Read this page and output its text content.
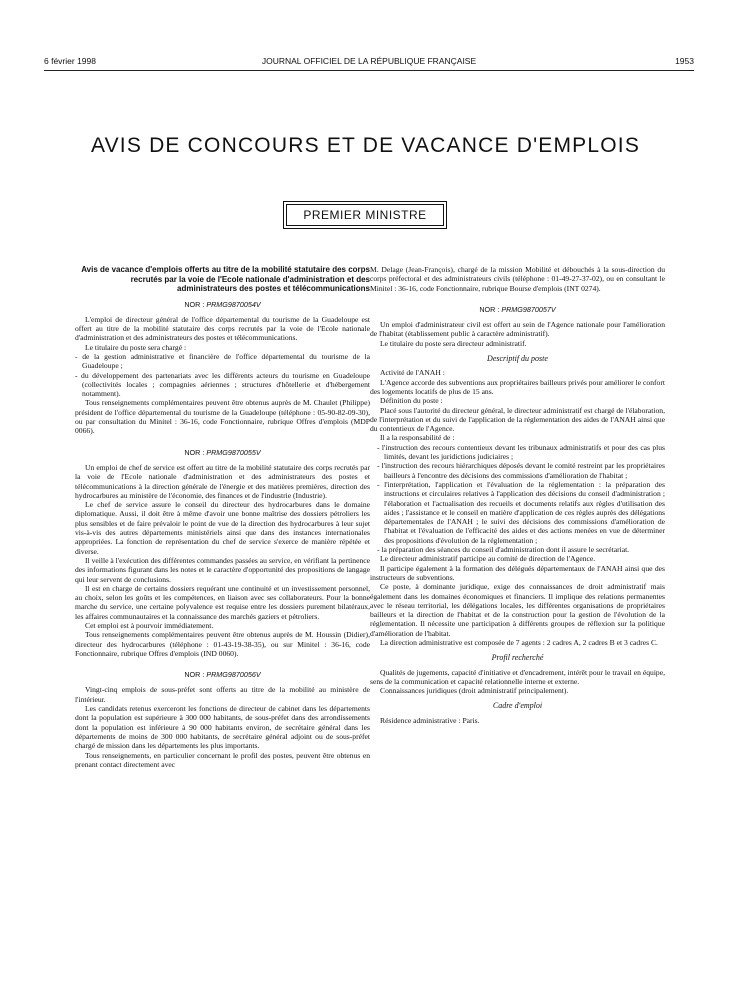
6 février 1998	JOURNAL OFFICIEL DE LA RÉPUBLIQUE FRANÇAISE	1953
AVIS DE CONCOURS ET DE VACANCE D'EMPLOIS
PREMIER MINISTRE
Avis de vacance d'emplois offerts au titre de la mobilité statutaire des corps recrutés par la voie de l'Ecole nationale d'administration et des administrateurs des postes et télécommunications
NOR : PRMG9870054V

L'emploi de directeur général de l'office départemental du tourisme de la Guadeloupe est offert au titre de la mobilité statutaire des corps recrutés par la voie de l'Ecole nationale d'administration et des administrateurs des postes et télécommunications.

Le titulaire du poste sera chargé :

- de la gestion administrative et financière de l'office départemental du tourisme de la Guadeloupe ;

- du développement des partenariats avec les différents acteurs du tourisme en Guadeloupe (collectivités locales ; compagnies aériennes ; structures d'hôtellerie et d'hébergement notamment).

Tous renseignements complémentaires peuvent être obtenus auprès de M. Chaulet (Philippe) président de l'office départemental du tourisme de la Guadeloupe (téléphone : 05-90-82-09-30), ou par consultation du Minitel : 36-16, code Fonctionnaire, rubrique Offres d'emplois (MDP 0066).

NOR : PRMG9870055V

Un emploi de chef de service est offert au titre de la mobilité statutaire des corps recrutés par la voie de l'Ecole nationale d'administration et des administrateurs des postes et télécommunications à la direction générale de l'énergie et des matières premières, direction des hydrocarbures au ministère de l'économie, des finances et de l'industrie (Industrie).

Le chef de service assure le conseil du directeur des hydrocarbures dans le domaine diplomatique. Aussi, il doit être à même d'avoir une bonne maîtrise des dossiers pétroliers les plus sensibles et de faire prévaloir le point de vue de la direction des hydrocarbures à leur sujet vis-à-vis des autres départements ministériels ainsi que dans des instances internationales appropriées. La fonction de représentation du chef de service s'exerce de manière répétée et diverse.

Il veille à l'exécution des différentes commandes passées au service, en vérifiant la pertinence des informations figurant dans les notes et le caractère d'opportunité des propositions de langage qui leur servent de conclusions.

Il est en charge de certains dossiers requérant une continuité et un investissement personnel, au choix, selon les goûts et les compétences, en liaison avec ses collaborateurs. Pour la bonne marche du service, une certaine polyvalence est requise entre les dossiers purement bilatéraux, les affaires communautaires et la connaissance des marchés gaziers et pétroliers.

Cet emploi est à pourvoir immédiatement.

Tous renseignements complémentaires peuvent être obtenus auprès de M. Houssin (Didier), directeur des hydrocarbures (téléphone : 01-43-19-38-35), ou sur Minitel : 36-16, code Fonctionnaire, rubrique Offres d'emplois (IND 0060).

NOR : PRMG9870056V

Vingt-cinq emplois de sous-préfet sont offerts au titre de la mobilité au ministère de l'intérieur.

Les candidats retenus exerceront les fonctions de directeur de cabinet dans les départements dont la population est supérieure à 300 000 habitants, de sous-préfet dans des arrondissements dont la population est inférieure à 90 000 habitants environ, de secrétaire général dans les départements de moins de 300 000 habitants, de secrétaire général adjoint ou de sous-préfet chargé de mission dans les départements les plus importants.

Tous renseignements, en particulier concernant le profil des postes, peuvent être obtenus en prenant contact directement avec

M. Delage (Jean-François), chargé de la mission Mobilité et débouchés à la sous-direction du corps préfectoral et des administrateurs civils (téléphone : 01-49-27-37-02), ou en consultant le Minitel : 36-16, code Fonctionnaire, rubrique Bourse d'emplois (INT 0274).

NOR : PRMG9870057V

Un emploi d'administrateur civil est offert au sein de l'Agence nationale pour l'amélioration de l'habitat (établissement public à caractère administratif).

Le titulaire du poste sera directeur administratif.

Descriptif du poste

Activité de l'ANAH :

L'Agence accorde des subventions aux propriétaires bailleurs privés pour améliorer le confort des logements locatifs de plus de 15 ans.

Définition du poste :

Placé sous l'autorité du directeur général, le directeur administratif est chargé de l'élaboration, de l'interprétation et du suivi de l'application de la réglementation des aides de l'ANAH ainsi que du contentieux de l'Agence.

Il a la responsabilité de :

- l'instruction des recours contentieux devant les tribunaux administratifs et pour des cas plus limités, devant les juridictions judiciaires ;

- l'instruction des recours hiérarchiques déposés devant le comité restreint par les propriétaires bailleurs à l'encontre des décisions des commissions d'amélioration de l'habitat ;

- l'interprétation, l'application et l'évaluation de la réglementation : la préparation des instructions et circulaires relatives à l'application des décisions du conseil d'administration ; l'élaboration et l'actualisation des recueils et documents relatifs aux règles d'utilisation des aides ; l'assistance et le conseil en matière d'application de ces règles auprès des délégations départementales de l'ANAH ; le suivi des décisions des commissions d'amélioration de l'habitat et l'évaluation de l'efficacité des aides et des actions menées en vue de déterminer des propositions d'évolution de la réglementation ;

- la préparation des séances du conseil d'administration dont il assure le secrétariat.

Le directeur administratif participe au comité de direction de l'Agence.

Il participe également à la formation des délégués départementaux de l'ANAH ainsi que des instructeurs de subventions.

Ce poste, à dominante juridique, exige des connaissances de droit administratif mais également dans les domaines économiques et financiers. Il implique des relations permanentes avec le réseau territorial, les délégations locales, les différentes organisations de propriétaires bailleurs et la direction de l'habitat et de la construction pour la gestion de l'évolution de la réglementation. Il nécessite une participation à différents groupes de réflexion sur la politique d'amélioration de l'habitat.

La direction administrative est composée de 7 agents : 2 cadres A, 2 cadres B et 3 cadres C.

Profil recherché

Qualités de jugements, capacité d'initiative et d'encadrement, intérêt pour le travail en équipe, sens de la communication et capacité relationnelle interne et externe.

Connaissances juridiques (droit administratif principalement).

Cadre d'emploi

Résidence administrative : Paris.
